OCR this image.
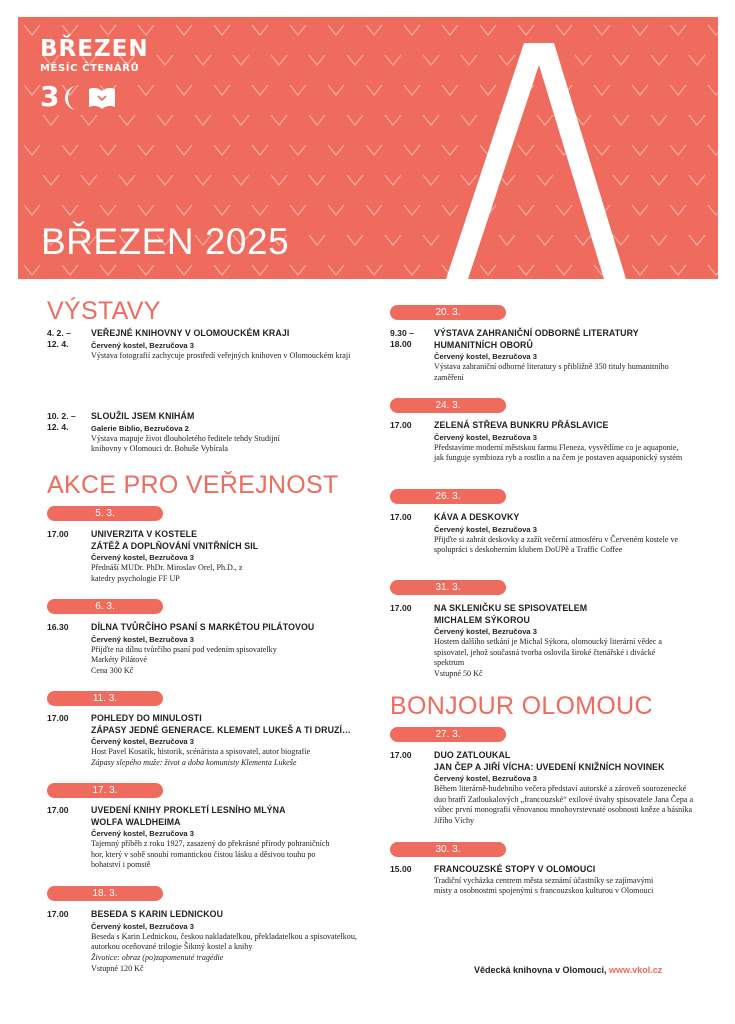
BŘEZEN
MĚSÍC ČTENÁŘŮ
3
BŘEZEN 2025
VÝSTAVY
4. 2. –
12. 4.
VEŘEJNÉ KNIHOVNY V OLOMOUCKÉM KRAJI
Červený kostel, Bezručova 3
Výstava fotografií zachycuje prostředí veřejných knihoven v Olomouckém kraji
10. 2. –
12. 4.
SLOUŽIL JSEM KNIHÁM
Galerie Biblio, Bezručova 2
Výstava mapuje život dlouholetého ředitele tehdy Studijní knihovny v Olomouci dr. Bohuše Vybírala
AKCE PRO VEŘEJNOST
5. 3.
17.00	UNIVERZITA V KOSTELE
ZÁTĚŽ A DOPLŇOVÁNÍ VNITŘNÍCH SIL
Červený kostel, Bezručova 3
Přednáší MUDr. PhDr. Miroslav Orel, Ph.D., z katedry psychologie FF UP
6. 3.
16.30	DÍLNA TVŮRČÍHO PSANÍ S MARKÉTOU PILÁTOVOU
Červený kostel, Bezručova 3
Přijďte na dílnu tvůrčího psaní pod vedením spisovatelky Markéty Pilátové
Cena 300 Kč
11. 3.
17.00	POHLEDY DO MINULOSTI
ZÁPASY JEDNÉ GENERACE. KLEMENT LUKEŠ A TI DRUZÍ…
Červený kostel, Bezručova 3
Host Pavel Kosatík, historik, scénárista a spisovatel, autor biografie
Zápasy slepého muže: život a doba komunisty Klementa Lukeše
17. 3.
17.00	UVEDENÍ KNIHY PROKLETÍ LESNÍHO MLÝNA
WOLFA WALDHEIMA
Červený kostel, Bezručova 3
Tajemný příběh z roku 1927, zasazený do překrásné přírody pohraničních hor, který v sobě snoubí romantickou čistou lásku a děsivou touhu po bohatství i pomstě
18. 3.
17.00	BESEDA S KARIN LEDNICKOU
Červený kostel, Bezručova 3
Beseda s Karin Lednickou, českou nakladatelkou, překladatelkou a spisovatelkou, autorkou oceňované trilogie Šikmý kostel a knihy
Životice: obraz (po)zapomenuté tragédie
Vstupné 120 Kč
20. 3.
9.30 –
18.00
VÝSTAVA ZAHRANIČNÍ ODBORNÉ LITERATURY
HUMANITNÍCH OBORŮ
Červený kostel, Bezručova 3
Výstava zahraniční odborné literatury s přibližně 350 tituly humanitního zaměření
24. 3.
17.00	ZELENÁ STŘEVA BUNKRU PŘÁSLAVICE
Červený kostel, Bezručova 3
Představíme moderní městskou farmu Fleneza, vysvětlíme co je aquaponie, jak funguje symbioza ryb a rostlin a na čem je postaven aquaponický systém
26. 3.
17.00	KÁVA A DESKOVKY
Červený kostel, Bezručova 3
Přijďte si zahrát deskovky a zažít večerní atmosféru v Červeném kostele ve spolupráci s deskoherním klubem DoUPě a Traffic Coffee
31. 3.
17.00	NA SKLENIČKU SE SPISOVATELEM
MICHALEM SÝKOROU
Červený kostel, Bezručova 3
Hostem dalšího setkání je Michal Sýkora, olomoucký literární vědec a spisovatel, jehož současná tvorba oslovila široké čtenářské i divácké spektrum
Vstupné 50 Kč
BONJOUR OLOMOUC
27. 3.
17.00	DUO ZATLOUKAL
JAN ČEP A JIŘÍ VÍCHA: UVEDENÍ KNIŽNÍCH NOVINEK
Červený kostel, Bezručova 3
Během literárně-hudebního večera představí autorské a zároveň sourozenecké duo bratří Zatloukalových „francouzské“ exilové úvahy spisovatele Jana Čepa a vůbec první monografii věnovanou mnohovrstevnaté osobnosti kněze a básníka Jiřího Víchy
30. 3.
15.00	FRANCOUZSKÉ STOPY V OLOMOUCI
Tradiční vycházka centrem města seznámí účastníky se zajímavými místy a osobnostmi spojenými s francouzskou kulturou v Olomouci
Vědecká knihovna v Olomouci, www.vkol.cz
